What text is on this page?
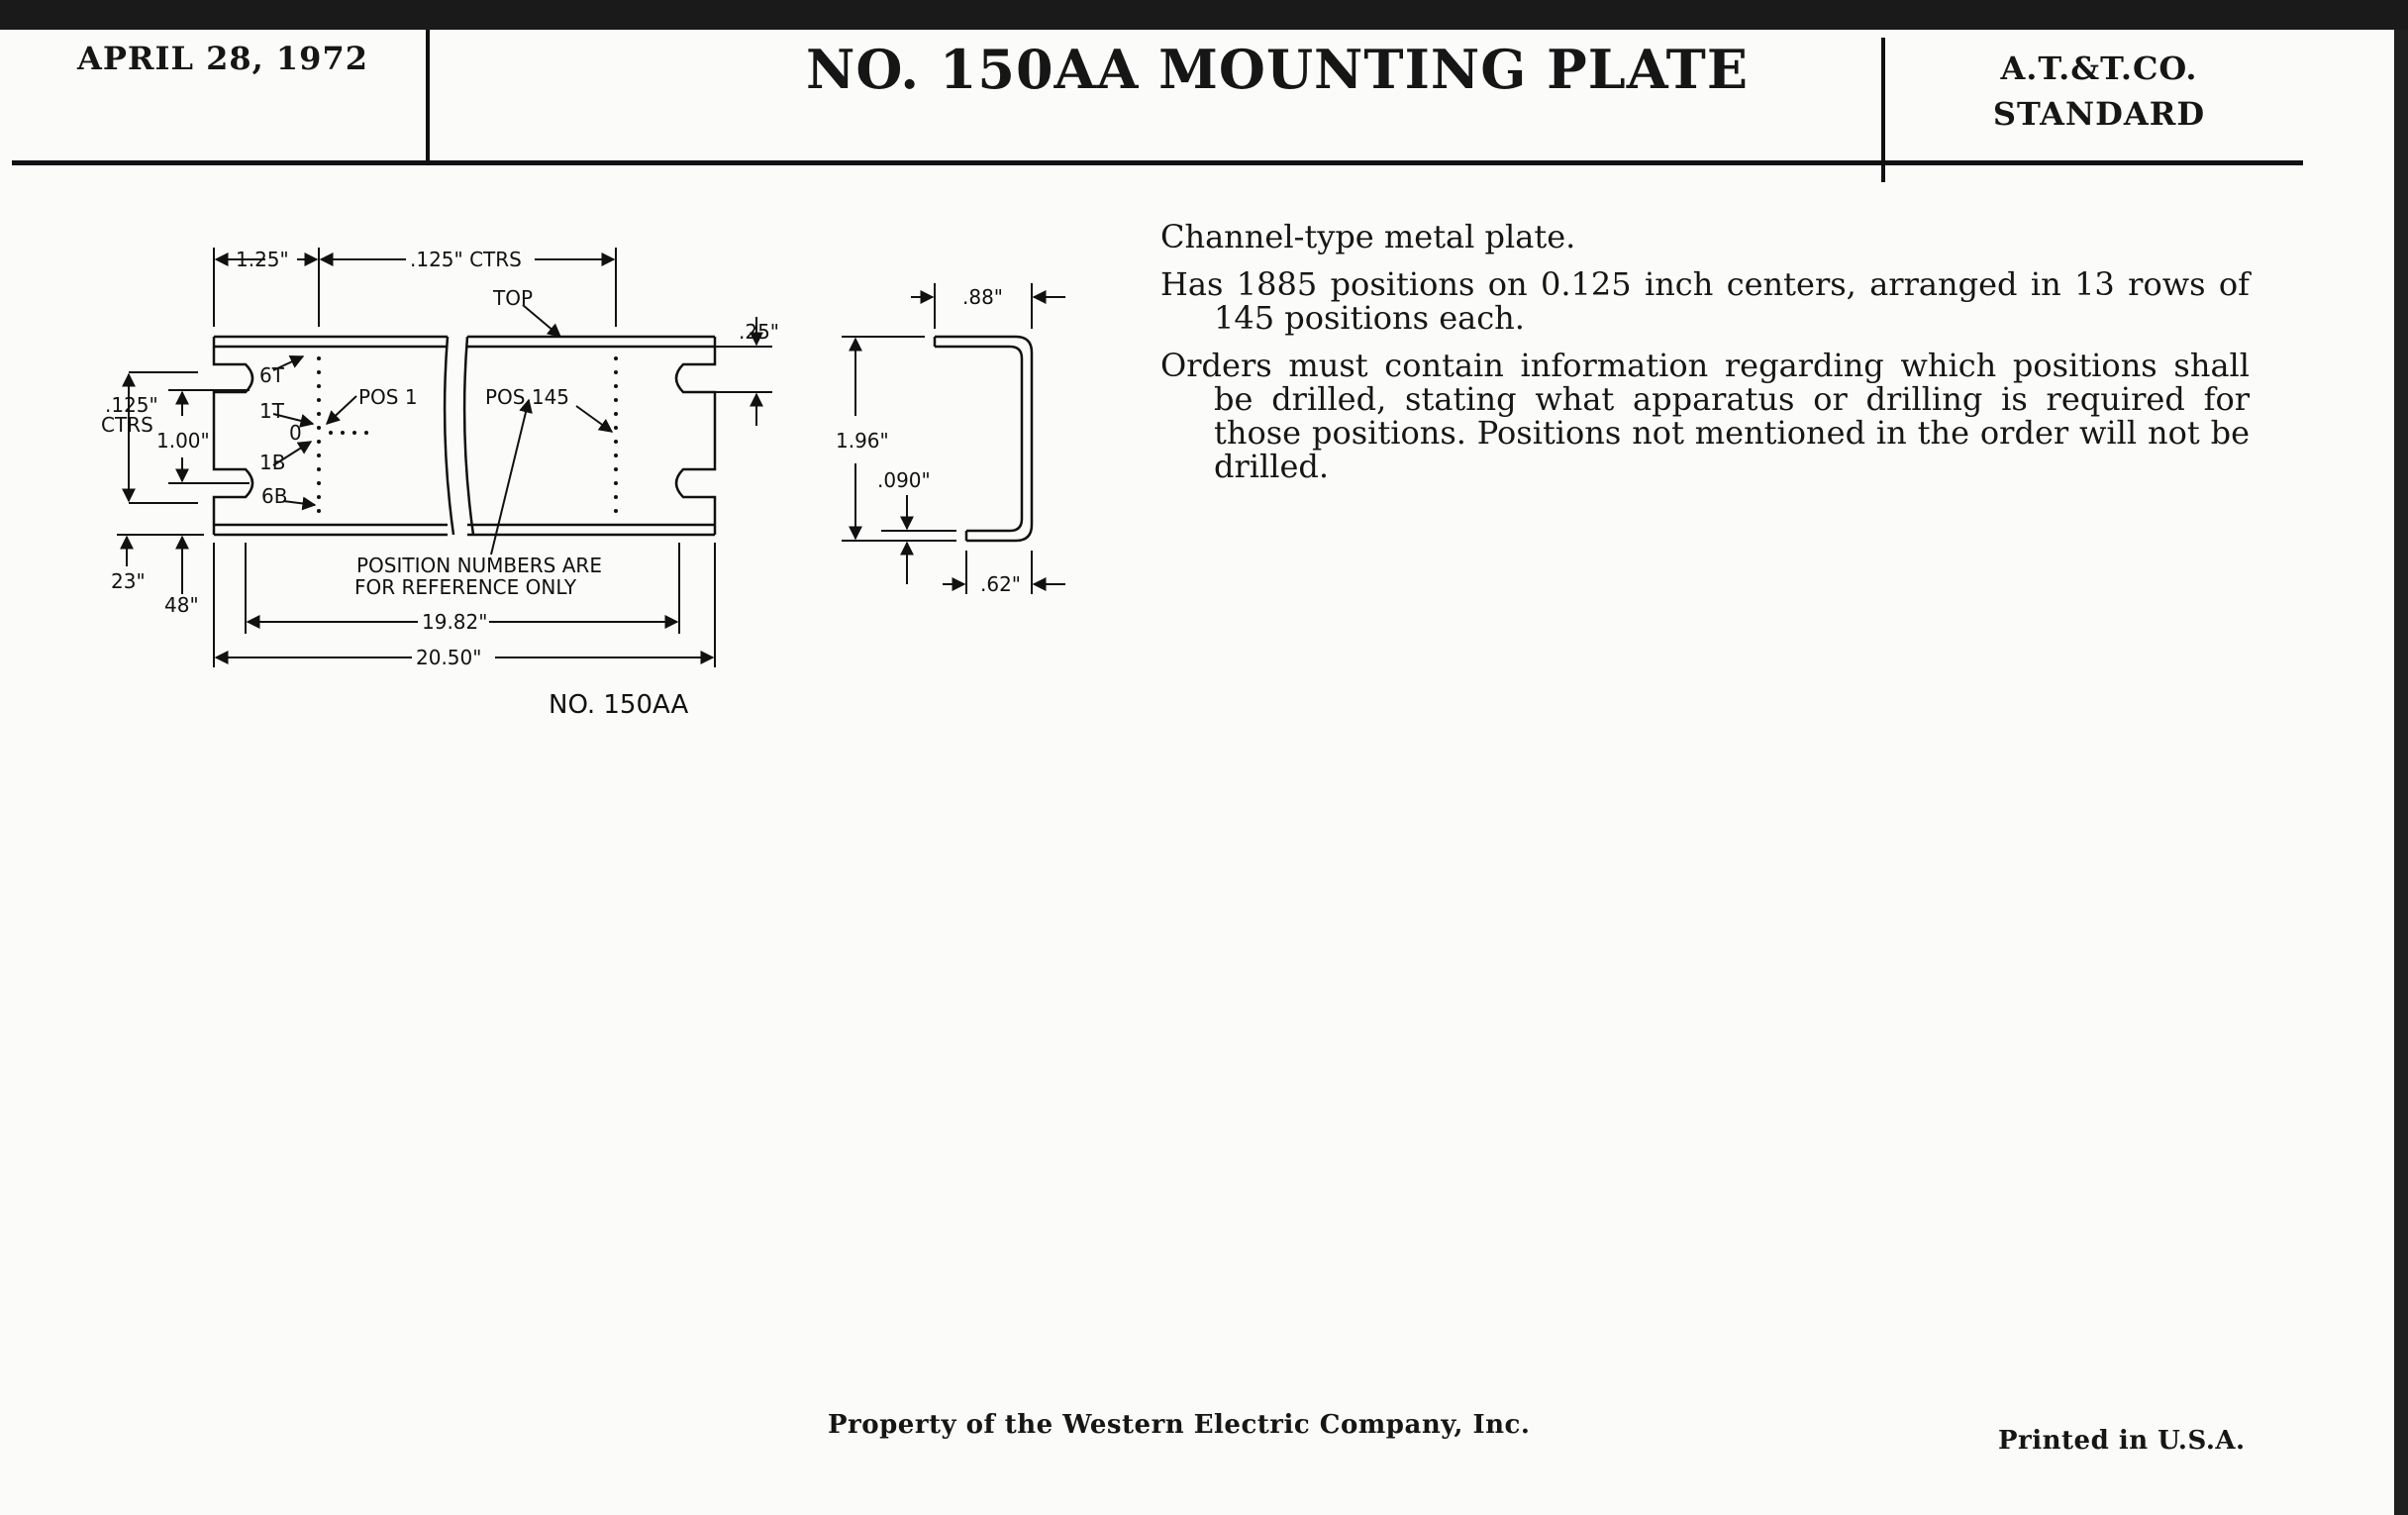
APRIL 28, 1972	NO. 150AA MOUNTING PLATE	A.T.&T.CO.
STANDARD
1.25"	.125" CTRS
TOP
.25"
.125"
CTRS
1.00"
6T
1T
0
1B
6B
POS 1	POS 145
POSITION NUMBERS ARE
FOR REFERENCE ONLY
23"
48"
19.82"
20.50"
.88"
1.96"
.090"
.62"
NO. 150AA

Channel-type metal plate.

Has 1885 positions on 0.125 inch centers, arranged in 13 rows of 145 positions each.

Orders must contain information regarding which positions shall be drilled, stating what apparatus or drilling is required for those positions. Positions not mentioned in the order will not be drilled.

Property of the Western Electric Company, Inc.
Printed in U.S.A.
